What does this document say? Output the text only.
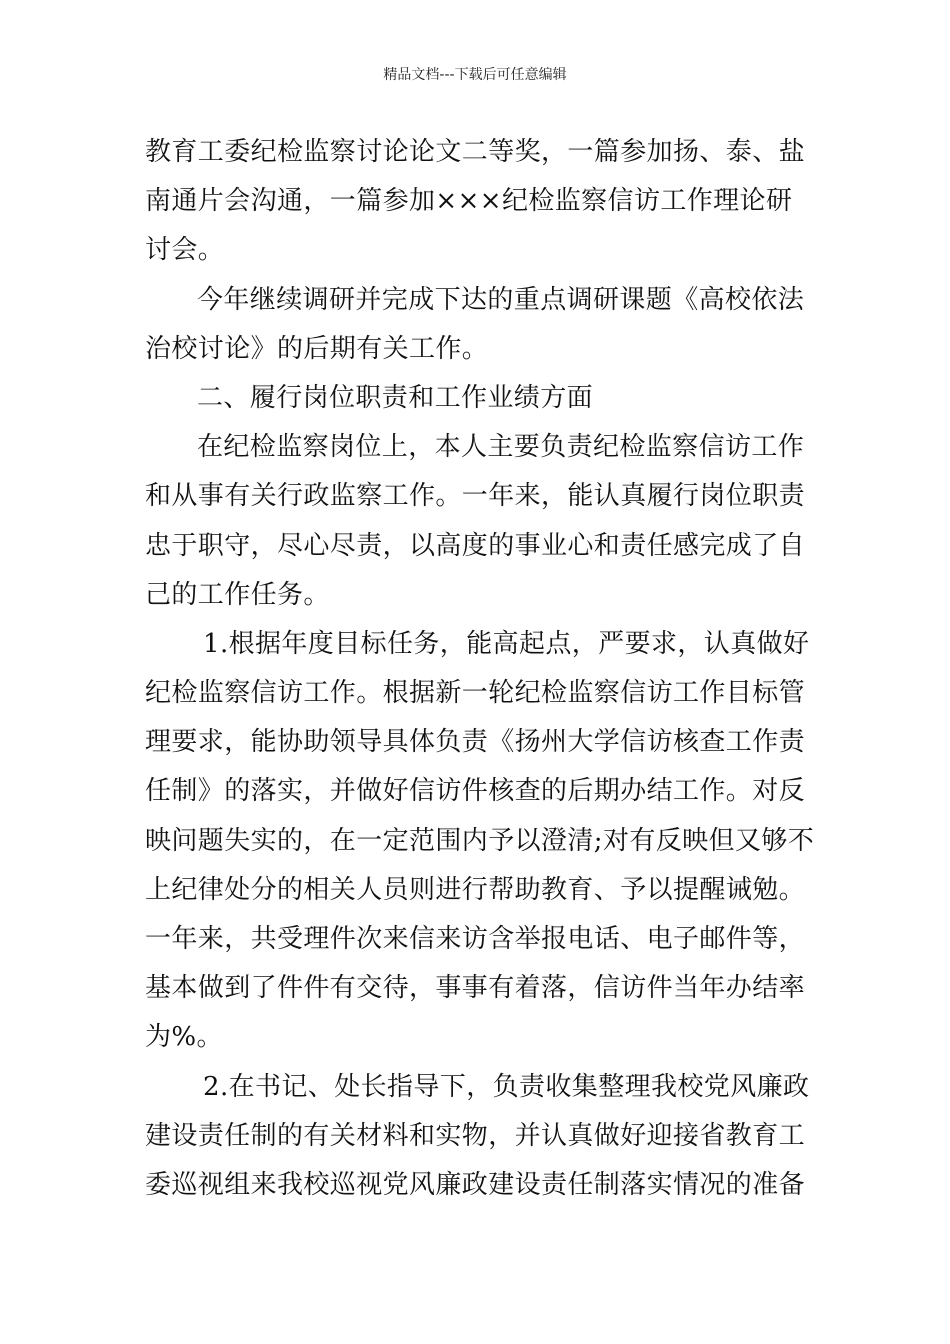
精品文档---下载后可任意编辑
教育工委纪检监察讨论论文二等奖，一篇参加扬、泰、盐
南通片会沟通，一篇参加×××纪检监察信访工作理论研
讨会。
今年继续调研并完成下达的重点调研课题《高校依法
治校讨论》的后期有关工作。
二、履行岗位职责和工作业绩方面
在纪检监察岗位上，本人主要负责纪检监察信访工作
和从事有关行政监察工作。一年来，能认真履行岗位职责
忠于职守，尽心尽责，以高度的事业心和责任感完成了自
己的工作任务。
1.根据年度目标任务，能高起点，严要求，认真做好
纪检监察信访工作。根据新一轮纪检监察信访工作目标管
理要求，能协助领导具体负责《扬州大学信访核查工作责
任制》的落实，并做好信访件核查的后期办结工作。对反
映问题失实的，在一定范围内予以澄清;对有反映但又够不
上纪律处分的相关人员则进行帮助教育、予以提醒诫勉。
一年来，共受理件次来信来访含举报电话、电子邮件等，
基本做到了件件有交待，事事有着落，信访件当年办结率
为%。
2.在书记、处长指导下，负责收集整理我校党风廉政
建设责任制的有关材料和实物，并认真做好迎接省教育工
委巡视组来我校巡视党风廉政建设责任制落实情况的准备
